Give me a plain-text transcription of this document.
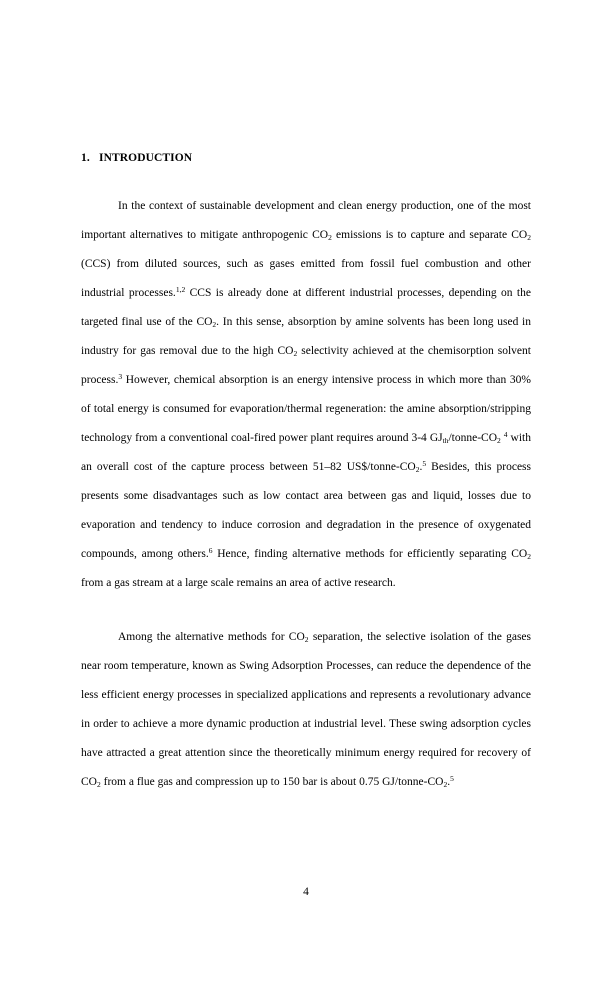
1. INTRODUCTION

In the context of sustainable development and clean energy production, one of the most important alternatives to mitigate anthropogenic $CO_2$ emissions is to capture and separate $CO_2$ (CCS) from diluted sources, such as gases emitted from fossil fuel combustion and other industrial processes.$^{1,2}$ CCS is already done at different industrial processes, depending on the targeted final use of the $CO_2$. In this sense, absorption by amine solvents has been long used in industry for gas removal due to the high $CO_2$ selectivity achieved at the chemisorption solvent process.$^3$ However, chemical absorption is an energy intensive process in which more than 30% of total energy is consumed for evaporation/thermal regeneration: the amine absorption/stripping technology from a conventional coal-fired power plant requires around 3-4 $GJ_{th}/tonne-CO_2$ $^4$ with an overall cost of the capture process between 51–82 $US\$/tonne-CO_2.^5$ Besides, this process presents some disadvantages such as low contact area between gas and liquid, losses due to evaporation and tendency to induce corrosion and degradation in the presence of oxygenated compounds, among others.$^6$ Hence, finding alternative methods for efficiently separating $CO_2$ from a gas stream at a large scale remains an area of active research.

Among the alternative methods for $CO_2$ separation, the selective isolation of the gases near room temperature, known as Swing Adsorption Processes, can reduce the dependence of the less efficient energy processes in specialized applications and represents a revolutionary advance in order to achieve a more dynamic production at industrial level. These swing adsorption cycles have attracted a great attention since the theoretically minimum energy required for recovery of $CO_2$ from a flue gas and compression up to 150 bar is about 0.75 $GJ/tonne-CO_2.^5$

4
